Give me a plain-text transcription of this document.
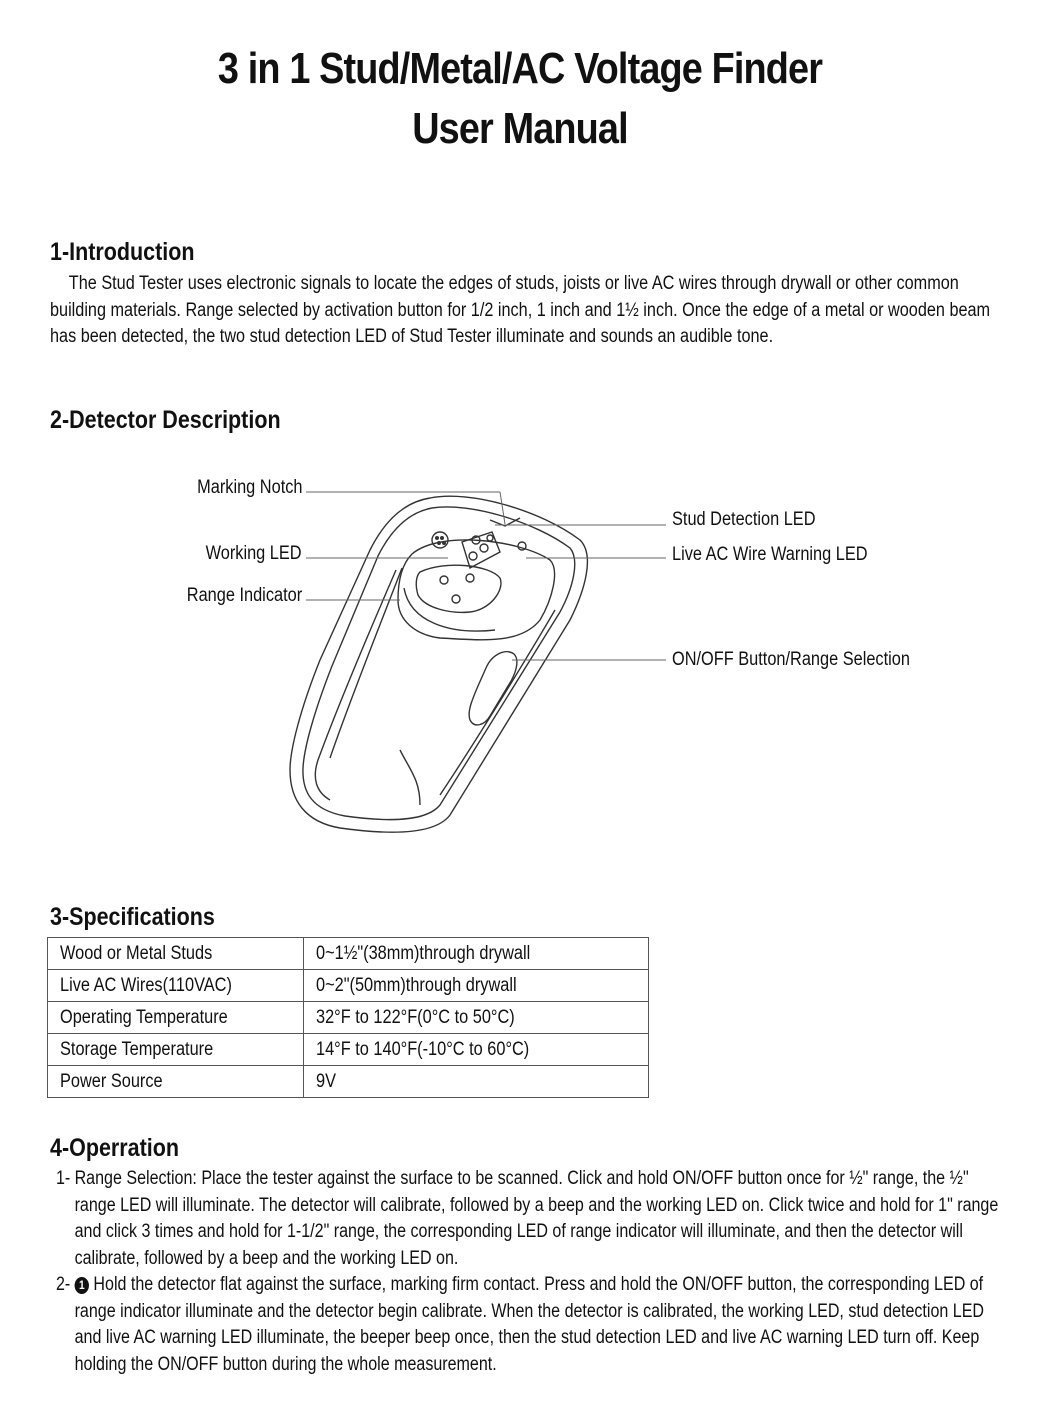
3 in 1 Stud/Metal/AC Voltage Finder
User Manual
1-Introduction
The Stud Tester uses electronic signals to locate the edges of studs, joists or live AC wires through drywall or other common building materials. Range selected by activation button for 1/2 inch, 1 inch and 1½ inch. Once the edge of a metal or wooden beam has been detected, the two stud detection LED of Stud Tester illuminate and sounds an audible tone.
2-Detector Description
Marking Notch
Working LED
Range Indicator
Stud Detection LED
Live AC Wire Warning LED
ON/OFF Button/Range Selection
3-Specifications
Wood or Metal Studs	0~1½"(38mm)through drywall
Live AC Wires(110VAC)	0~2"(50mm)through drywall
Operating Temperature	32°F to 122°F(0°C to 50°C)
Storage Temperature	14°F to 140°F(-10°C to 60°C)
Power Source	9V
4-Operration
1- Range Selection: Place the tester against the surface to be scanned. Click and hold ON/OFF button once for ½" range, the ½" range LED will illuminate. The detector will calibrate, followed by a beep and the working LED on. Click twice and hold for 1" range and click 3 times and hold for 1-1/2" range, the corresponding LED of range indicator will illuminate, and then the detector will calibrate, followed by a beep and the working LED on.
2- 1 Hold the detector flat against the surface, marking firm contact. Press and hold the ON/OFF button, the corresponding LED of range indicator illuminate and the detector begin calibrate. When the detector is calibrated, the working LED, stud detection LED and live AC warning LED illuminate, the beeper beep once, then the stud detection LED and live AC warning LED turn off. Keep holding the ON/OFF button during the whole measurement.
